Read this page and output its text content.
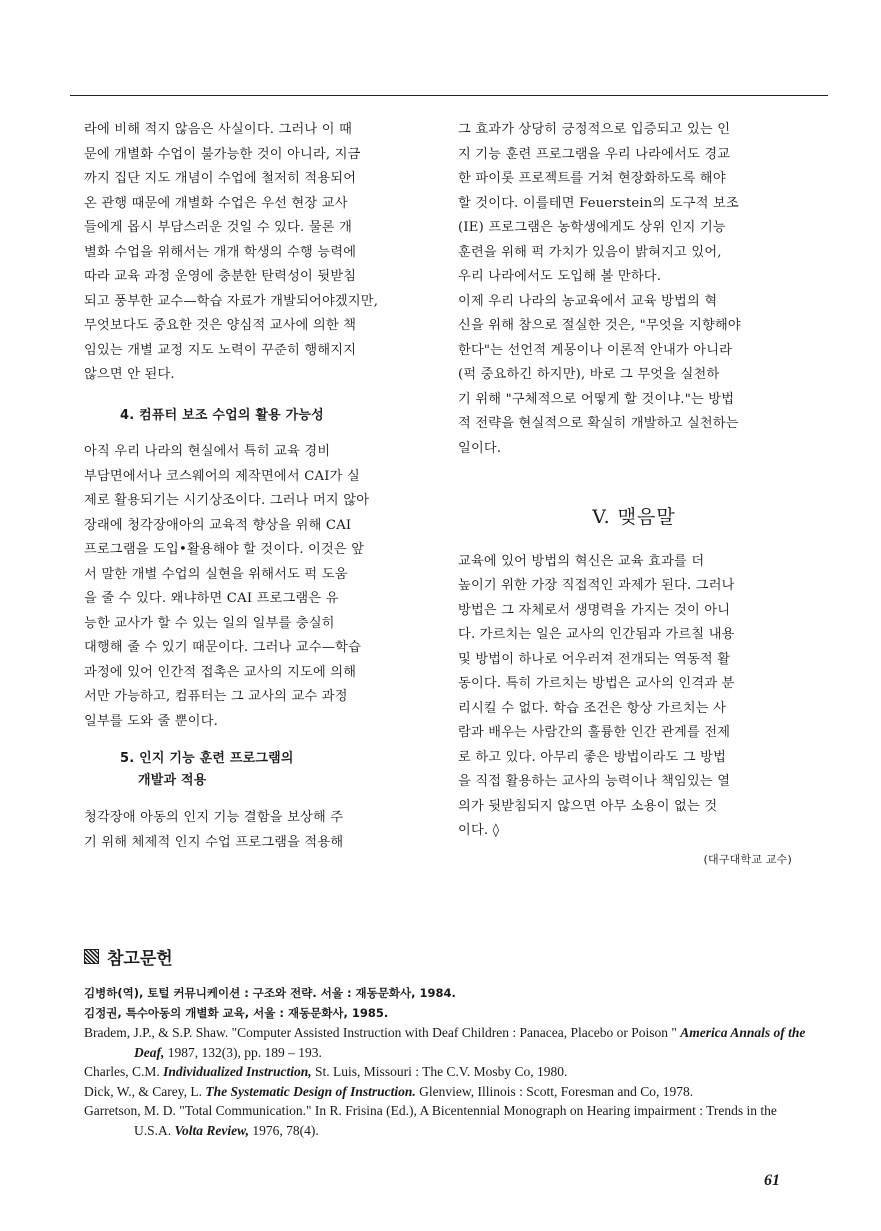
라에 비해 적지 않음은 사실이다. 그러나 이 때
문에 개별화 수업이 불가능한 것이 아니라, 지금
까지 집단 지도 개념이 수업에 철저히 적용되어
온 관행 때문에 개별화 수업은 우선 현장 교사
들에게 몹시 부담스러운 것일 수 있다. 물론 개
별화 수업을 위해서는 개개 학생의 수행 능력에
따라 교육 과정 운영에 충분한 탄력성이 뒷받침
되고 풍부한 교수—학습 자료가 개발되어야겠지만,
무엇보다도 중요한 것은 양심적 교사에 의한 책
임있는 개별 교정 지도 노력이 꾸준히 행해지지
않으면 안 된다.
4. 컴퓨터 보조 수업의 활용 가능성
아직 우리 나라의 현실에서 특히 교육 경비
부담면에서나 코스웨어의 제작면에서 CAI가 실
제로 활용되기는 시기상조이다. 그러나 머지 않아
장래에 청각장애아의 교육적 향상을 위해 CAI
프로그램을 도입•활용해야 할 것이다. 이것은 앞
서 말한 개별 수업의 실현을 위해서도 퍽 도움
을 줄 수 있다. 왜냐하면 CAI 프로그램은 유
능한 교사가 할 수 있는 일의 일부를 충실히
대행해 줄 수 있기 때문이다. 그러나 교수—학습
과정에 있어 인간적 접촉은 교사의 지도에 의해
서만 가능하고, 컴퓨터는 그 교사의 교수 과정
일부를 도와 줄 뿐이다.
5. 인지 기능 훈련 프로그램의
개발과 적용
청각장애 아동의 인지 기능 결함을 보상해 주
기 위해 체제적 인지 수업 프로그램을 적용해
그 효과가 상당히 긍정적으로 입증되고 있는 인
지 기능 훈련 프로그램을 우리 나라에서도 경교
한 파이롯 프로젝트를 거쳐 현장화하도록 해야
할 것이다. 이를테면 Feuerstein의 도구적 보조
(IE) 프로그램은 농학생에게도 상위 인지 기능
훈련을 위해 퍽 가치가 있음이 밝혀지고 있어,
우리 나라에서도 도입해 볼 만하다.
이제 우리 나라의 농교육에서 교육 방법의 혁
신을 위해 참으로 절실한 것은, "무엇을 지향해야
한다"는 선언적 계몽이나 이론적 안내가 아니라
(퍽 중요하긴 하지만), 바로 그 무엇을 실천하
기 위해 "구체적으로 어떻게 할 것이냐."는 방법
적 전략을 현실적으로 확실히 개발하고 실천하는
일이다.
V. 맺음말
교육에 있어 방법의 혁신은 교육 효과를 더
높이기 위한 가장 직접적인 과제가 된다. 그러나
방법은 그 자체로서 생명력을 가지는 것이 아니
다. 가르치는 일은 교사의 인간됨과 가르칠 내용
및 방법이 하나로 어우러져 전개되는 역동적 활
동이다. 특히 가르치는 방법은 교사의 인격과 분
리시킬 수 없다. 학습 조건은 항상 가르치는 사
람과 배우는 사람간의 훌륭한 인간 관계를 전제
로 하고 있다. 아무리 좋은 방법이라도 그 방법
을 직접 활용하는 교사의 능력이나 책임있는 열
의가 뒷받침되지 않으면 아무 소용이 없는 것
이다. ◊
(대구대학교 교수)
참고문헌

김병하(역), 토털 커뮤니케이션 : 구조와 전략. 서울 : 재동문화사, 1984.

김정권, 특수아동의 개별화 교육, 서울 : 재동문화사, 1985.

Bradem, J.P., & S.P. Shaw. "Computer Assisted Instruction with Deaf Children : Panacea, Placebo or Poison " America Annals of the Deaf, 1987, 132(3), pp. 189 ‒ 193.

Charles, C.M. Individualized Instruction, St. Luis, Missouri : The C.V. Mosby Co, 1980.

Dick, W., & Carey, L. The Systematic Design of Instruction. Glenview, Illinois : Scott, Foresman and Co, 1978.

Garretson, M. D. "Total Communication." In R. Frisina (Ed.), A Bicentennial Monograph on Hearing impairment : Trends in the U.S.A. Volta Review, 1976, 78(4).

61
